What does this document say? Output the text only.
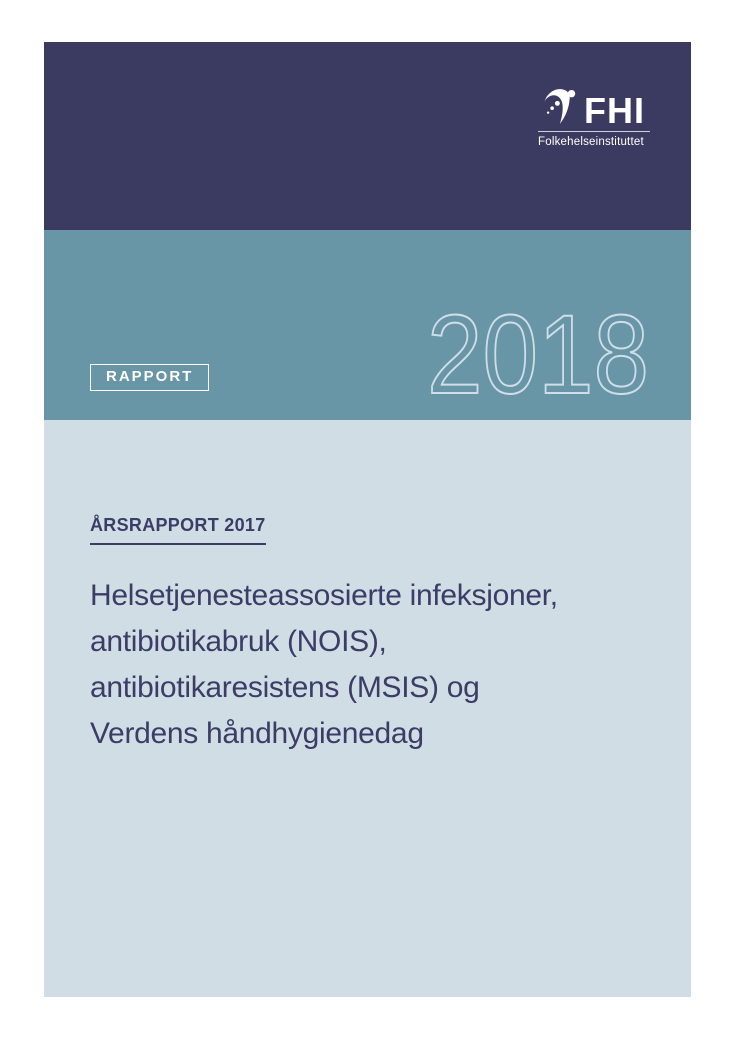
FHI
Folkehelseinstituttet
RAPPORT 2018
ÅRSRAPPORT 2017
Helsetjenesteassosierte infeksjoner,
antibiotikabruk (NOIS),
antibiotikaresistens (MSIS) og
Verdens håndhygienedag
